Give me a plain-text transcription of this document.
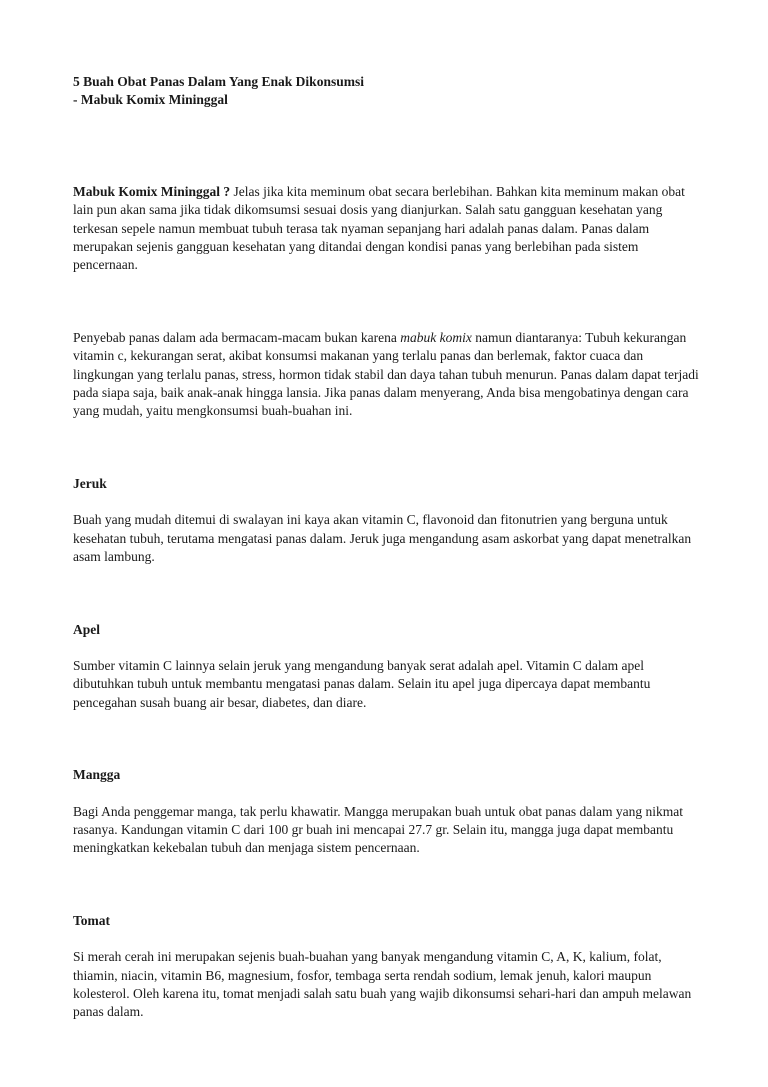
5 Buah Obat Panas Dalam Yang Enak Dikonsumsi
- Mabuk Komix Mininggal

Mabuk Komix Mininggal ? Jelas jika kita meminum obat secara berlebihan. Bahkan kita meminum makan obat lain pun akan sama jika tidak dikomsumsi sesuai dosis yang dianjurkan. Salah satu gangguan kesehatan yang terkesan sepele namun membuat tubuh terasa tak nyaman sepanjang hari adalah panas dalam. Panas dalam merupakan sejenis gangguan kesehatan yang ditandai dengan kondisi panas yang berlebihan pada sistem pencernaan.

Penyebab panas dalam ada bermacam-macam bukan karena mabuk komix namun diantaranya: Tubuh kekurangan vitamin c, kekurangan serat, akibat konsumsi makanan yang terlalu panas dan berlemak, faktor cuaca dan lingkungan yang terlalu panas, stress, hormon tidak stabil dan daya tahan tubuh menurun. Panas dalam dapat terjadi pada siapa saja, baik anak-anak hingga lansia. Jika panas dalam menyerang, Anda bisa mengobatinya dengan cara yang mudah, yaitu mengkonsumsi buah-buahan ini.

Jeruk

Buah yang mudah ditemui di swalayan ini kaya akan vitamin C, flavonoid dan fitonutrien yang berguna untuk kesehatan tubuh, terutama mengatasi panas dalam. Jeruk juga mengandung asam askorbat yang dapat menetralkan asam lambung.

Apel

Sumber vitamin C lainnya selain jeruk yang mengandung banyak serat adalah apel. Vitamin C dalam apel dibutuhkan tubuh untuk membantu mengatasi panas dalam. Selain itu apel juga dipercaya dapat membantu pencegahan susah buang air besar, diabetes, dan diare.

Mangga

Bagi Anda penggemar manga, tak perlu khawatir. Mangga merupakan buah untuk obat panas dalam yang nikmat rasanya. Kandungan vitamin C dari 100 gr buah ini mencapai 27.7 gr. Selain itu, mangga juga dapat membantu meningkatkan kekebalan tubuh dan menjaga sistem pencernaan.

Tomat

Si merah cerah ini merupakan sejenis buah-buahan yang banyak mengandung vitamin C, A, K, kalium, folat, thiamin, niacin, vitamin B6, magnesium, fosfor, tembaga serta rendah sodium, lemak jenuh, kalori maupun kolesterol. Oleh karena itu, tomat menjadi salah satu buah yang wajib dikonsumsi sehari-hari dan ampuh melawan panas dalam.
